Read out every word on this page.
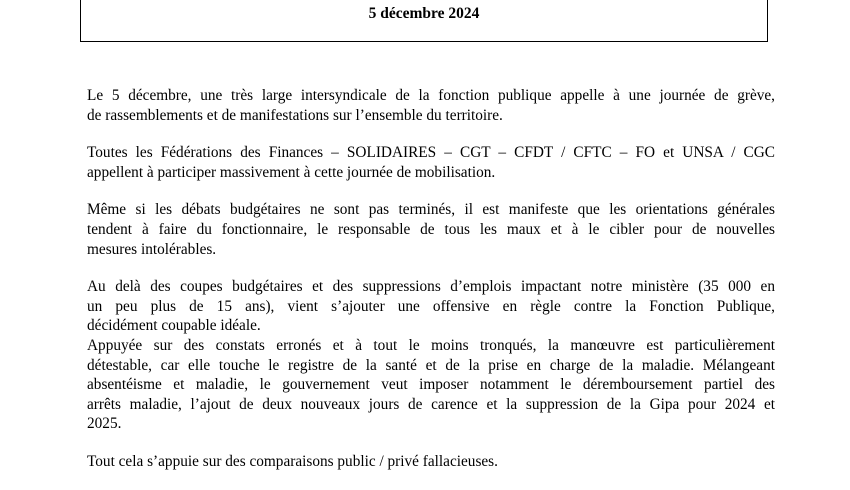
5 décembre 2024

Le 5 décembre, une très large intersyndicale de la fonction publique appelle à une journée de grève,
de rassemblements et de manifestations sur l’ensemble du territoire.

Toutes les Fédérations des Finances – SOLIDAIRES – CGT – CFDT / CFTC – FO et UNSA / CGC
appellent à participer massivement à cette journée de mobilisation.

Même si les débats budgétaires ne sont pas terminés, il est manifeste que les orientations générales
tendent à faire du fonctionnaire, le responsable de tous les maux et à le cibler pour de nouvelles
mesures intolérables.

Au delà des coupes budgétaires et des suppressions d’emplois impactant notre ministère (35 000 en
un peu plus de 15 ans), vient s’ajouter une offensive en règle contre la Fonction Publique,
décidément coupable idéale.

Appuyée sur des constats erronés et à tout le moins tronqués, la manœuvre est particulièrement
détestable, car elle touche le registre de la santé et de la prise en charge de la maladie. Mélangeant
absentéisme et maladie, le gouvernement veut imposer notamment le déremboursement partiel des
arrêts maladie, l’ajout de deux nouveaux jours de carence et la suppression de la Gipa pour 2024 et
2025.

Tout cela s’appuie sur des comparaisons public / privé fallacieuses.
